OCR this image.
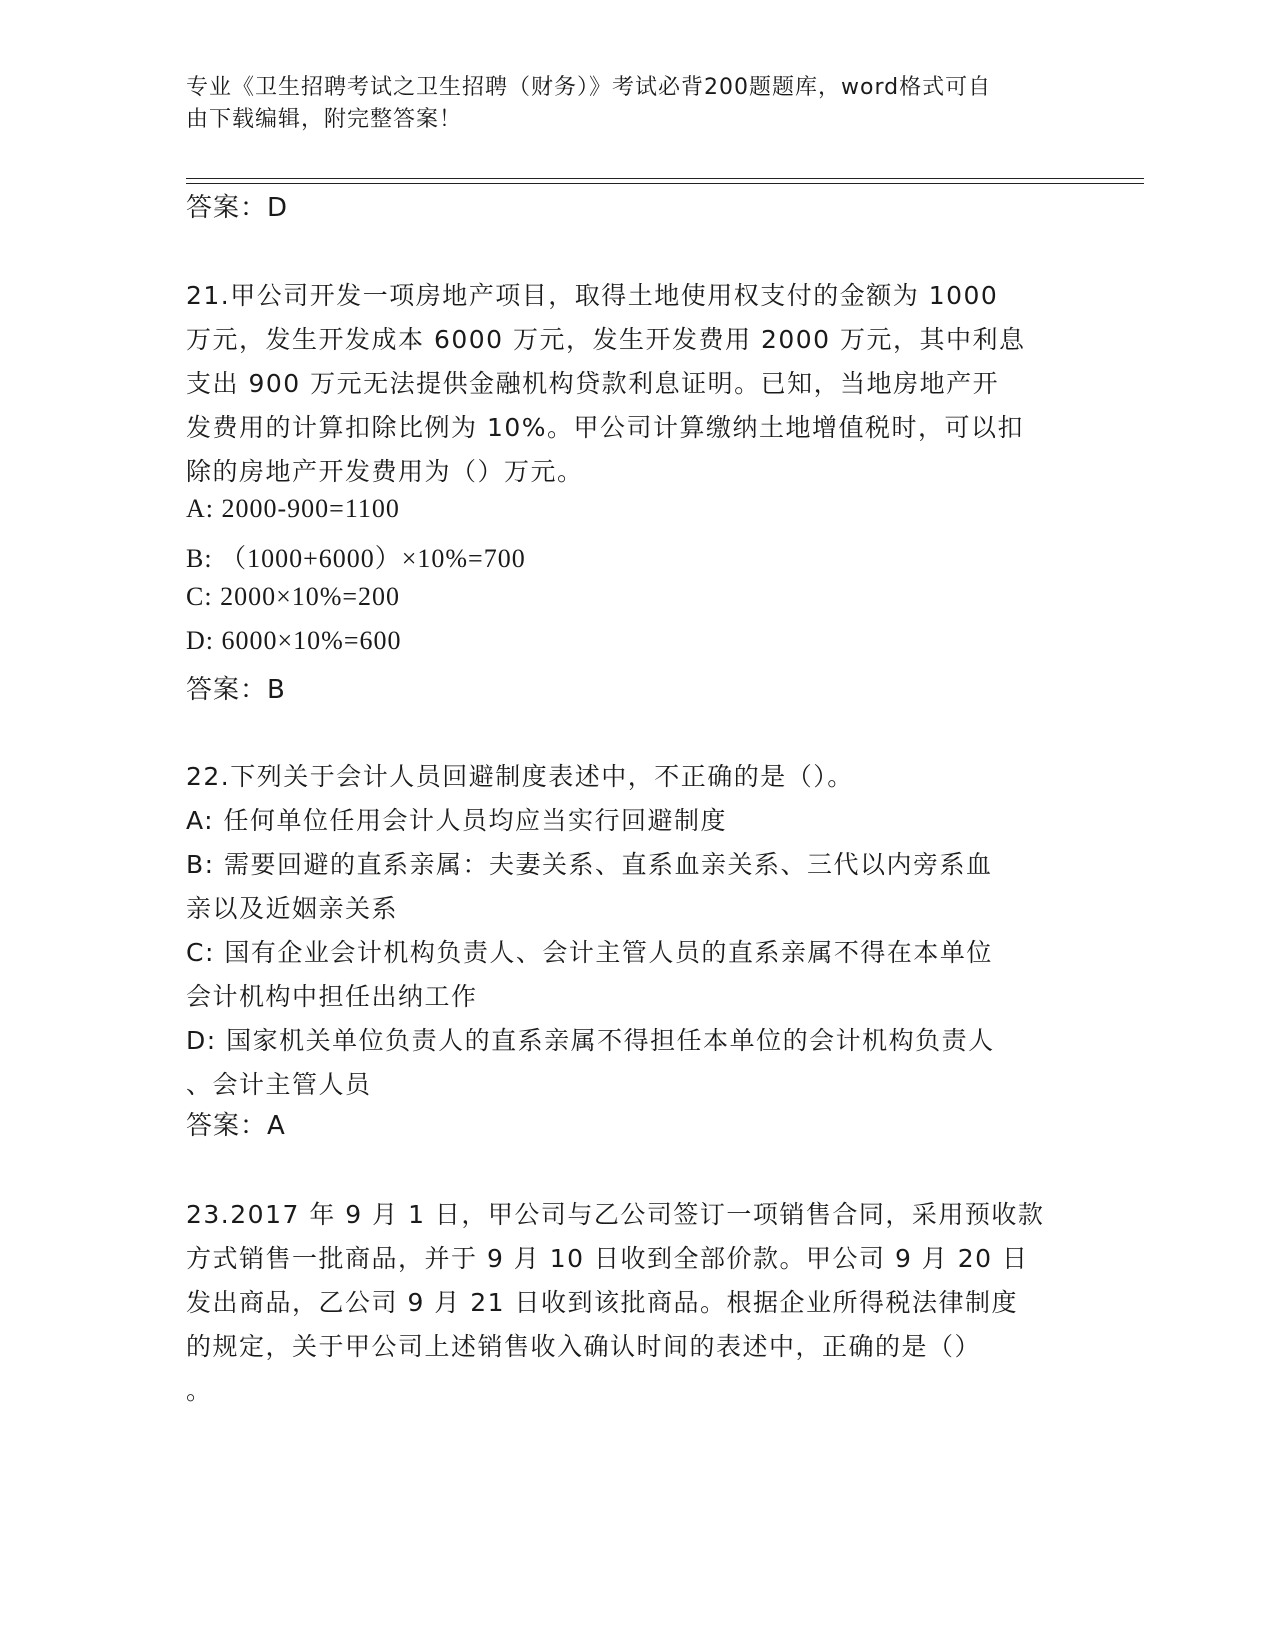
专业《卫生招聘考试之卫生招聘（财务）》考试必背200题题库，word格式可自
由下载编辑，附完整答案！
答案：D
21.甲公司开发一项房地产项目，取得土地使用权支付的金额为 1000
万元，发生开发成本 6000 万元，发生开发费用 2000 万元，其中利息
支出 900 万元无法提供金融机构贷款利息证明。已知，当地房地产开
发费用的计算扣除比例为 10%。甲公司计算缴纳土地增值税时，可以扣
除的房地产开发费用为（）万元。
A: 2000-900=1100
B: （1000+6000）×10%=700
C: 2000×10%=200
D: 6000×10%=600
答案：B
22.下列关于会计人员回避制度表述中，不正确的是（）。
A: 任何单位任用会计人员均应当实行回避制度
B: 需要回避的直系亲属：夫妻关系、直系血亲关系、三代以内旁系血
亲以及近姻亲关系
C: 国有企业会计机构负责人、会计主管人员的直系亲属不得在本单位
会计机构中担任出纳工作
D: 国家机关单位负责人的直系亲属不得担任本单位的会计机构负责人
、会计主管人员
答案：A
23.2017 年 9 月 1 日，甲公司与乙公司签订一项销售合同，采用预收款
方式销售一批商品，并于 9 月 10 日收到全部价款。甲公司 9 月 20 日
发出商品，乙公司 9 月 21 日收到该批商品。根据企业所得税法律制度
的规定，关于甲公司上述销售收入确认时间的表述中，正确的是（）
。
